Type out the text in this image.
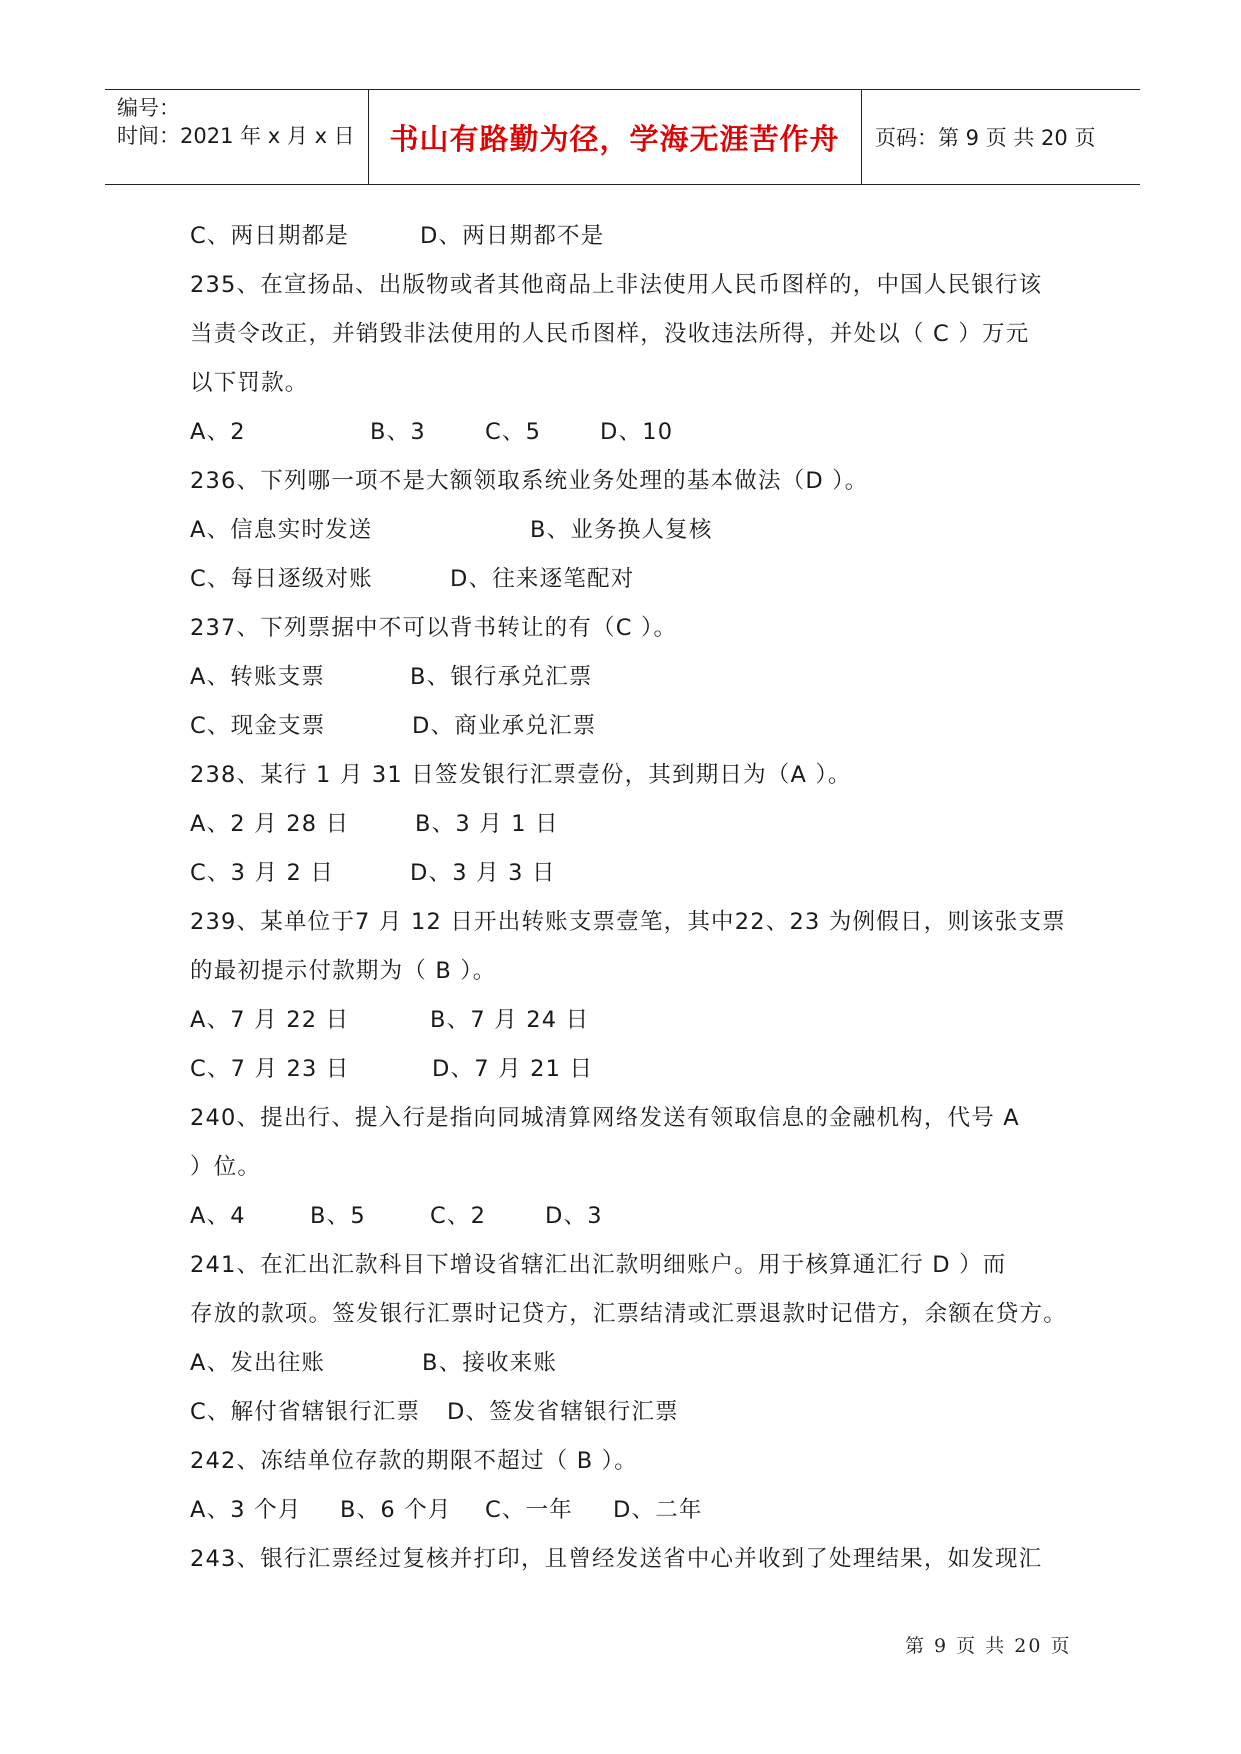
编号：
时间：2021 年 x 月 x 日	书山有路勤为径，学海无涯苦作舟	页码：第 9 页 共 20 页
C、两日期都是	D、两日期都不是
235、在宣扬品、出版物或者其他商品上非法使用人民币图样的，中国人民银行该
当责令改正，并销毁非法使用的人民币图样，没收违法所得，并处以（ C ）万元
以下罚款。
A、2	B、3	C、5	D、10
236、下列哪一项不是大额领取系统业务处理的基本做法（D ）。
A、信息实时发送	B、业务换人复核
C、每日逐级对账	D、往来逐笔配对
237、下列票据中不可以背书转让的有（C ）。
A、转账支票	B、银行承兑汇票
C、现金支票	D、商业承兑汇票
238、某行 1 月 31 日签发银行汇票壹份，其到期日为（A ）。
A、2 月 28 日	B、3 月 1 日
C、3 月 2 日	D、3 月 3 日
239、某单位于7 月 12 日开出转账支票壹笔，其中22、23 为例假日，则该张支票
的最初提示付款期为（ B ）。
A、7 月 22 日	B、7 月 24 日
C、7 月 23 日	D、7 月 21 日
240、提出行、提入行是指向同城清算网络发送有领取信息的金融机构，代号 A
）位。
A、4	B、5	C、2	D、3
241、在汇出汇款科目下增设省辖汇出汇款明细账户。用于核算通汇行 D ）而
存放的款项。签发银行汇票时记贷方，汇票结清或汇票退款时记借方，余额在贷方。
A、发出往账	B、接收来账
C、解付省辖银行汇票 D、签发省辖银行汇票
242、冻结单位存款的期限不超过（ B ）。
A、3 个月 B、6 个月 C、一年 D、二年
243、银行汇票经过复核并打印，且曾经发送省中心并收到了处理结果，如发现汇
第 9 页 共 20 页
